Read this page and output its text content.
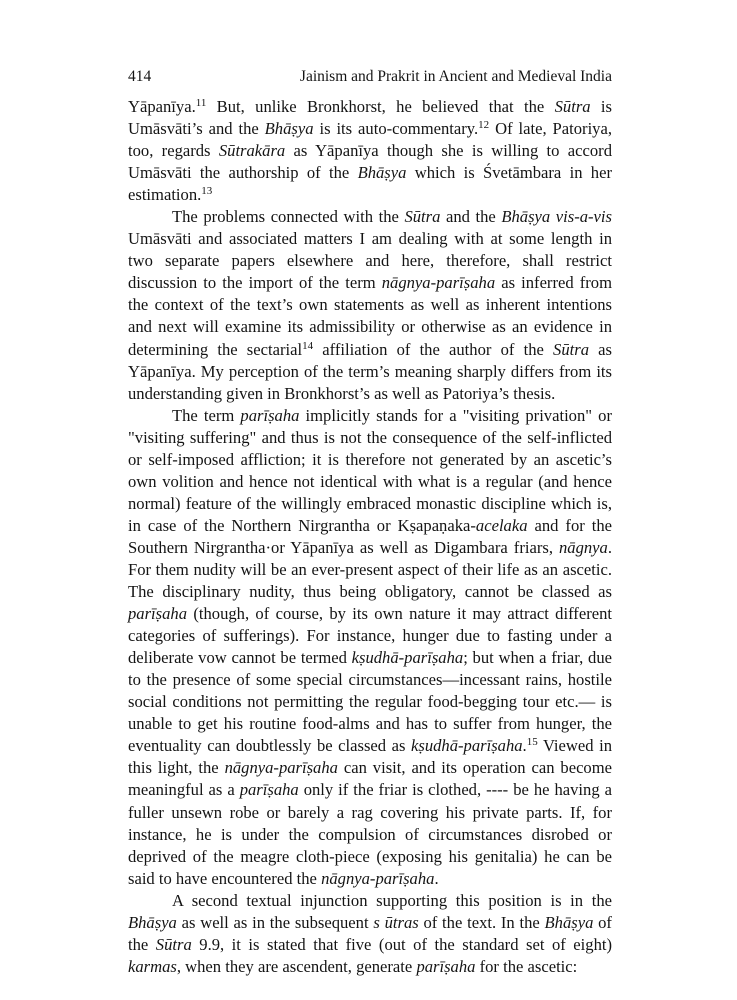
414	Jainism and Prakrit in Ancient and Medieval India

Yāpanīya.$^{11}$ But, unlike Bronkhorst, he believed that the Sūtra is Umāsvāti’s and the Bhāṣya is its auto-commentary.$^{12}$ Of late, Patoriya, too, regards Sūtrakāra as Yāpanīya though she is willing to accord Umāsvāti the authorship of the Bhāṣya which is Śvetāmbara in her estimation.$^{13}$

The problems connected with the Sūtra and the Bhāṣya vis-a-vis Umāsvāti and associated matters I am dealing with at some length in two separate papers elsewhere and here, therefore, shall restrict discussion to the import of the term nāgnya-parīṣaha as inferred from the context of the text’s own statements as well as inherent intentions and next will examine its admissibility or otherwise as an evidence in determining the sectarial$^{14}$ affiliation of the author of the Sūtra as Yāpanīya. My perception of the term’s meaning sharply differs from its understanding given in Bronkhorst’s as well as Patoriya’s thesis.

The term parīṣaha implicitly stands for a "visiting privation" or "visiting suffering" and thus is not the consequence of the self-inflicted or self-imposed affliction; it is therefore not generated by an ascetic’s own volition and hence not identical with what is a regular (and hence normal) feature of the willingly embraced monastic discipline which is, in case of the Northern Nirgrantha or Kṣapaṇaka-acelaka and for the Southern Nirgrantha·or Yāpanīya as well as Digambara friars, nāgnya. For them nudity will be an ever-present aspect of their life as an ascetic. The disciplinary nudity, thus being obligatory, cannot be classed as parīṣaha (though, of course, by its own nature it may attract different categories of sufferings). For instance, hunger due to fasting under a deliberate vow cannot be termed kṣudhā-parīṣaha; but when a friar, due to the presence of some special circumstances—incessant rains, hostile social conditions not permitting the regular food-begging tour etc.— is unable to get his routine food-alms and has to suffer from hunger, the eventuality can doubtlessly be classed as kṣudhā-parīṣaha.$^{15}$ Viewed in this light, the nāgnya-parīṣaha can visit, and its operation can become meaningful as a parīṣaha only if the friar is clothed, ---- be he having a fuller unsewn robe or barely a rag covering his private parts. If, for instance, he is under the compulsion of circumstances disrobed or deprived of the meagre cloth-piece (exposing his genitalia) he can be said to have encountered the nāgnya-parīṣaha.

A second textual injunction supporting this position is in the Bhāṣya as well as in the subsequent s ūtras of the text. In the Bhāṣya of the Sūtra 9.9, it is stated that five (out of the standard set of eight) karmas, when they are ascendent, generate parīṣaha for the ascetic:
